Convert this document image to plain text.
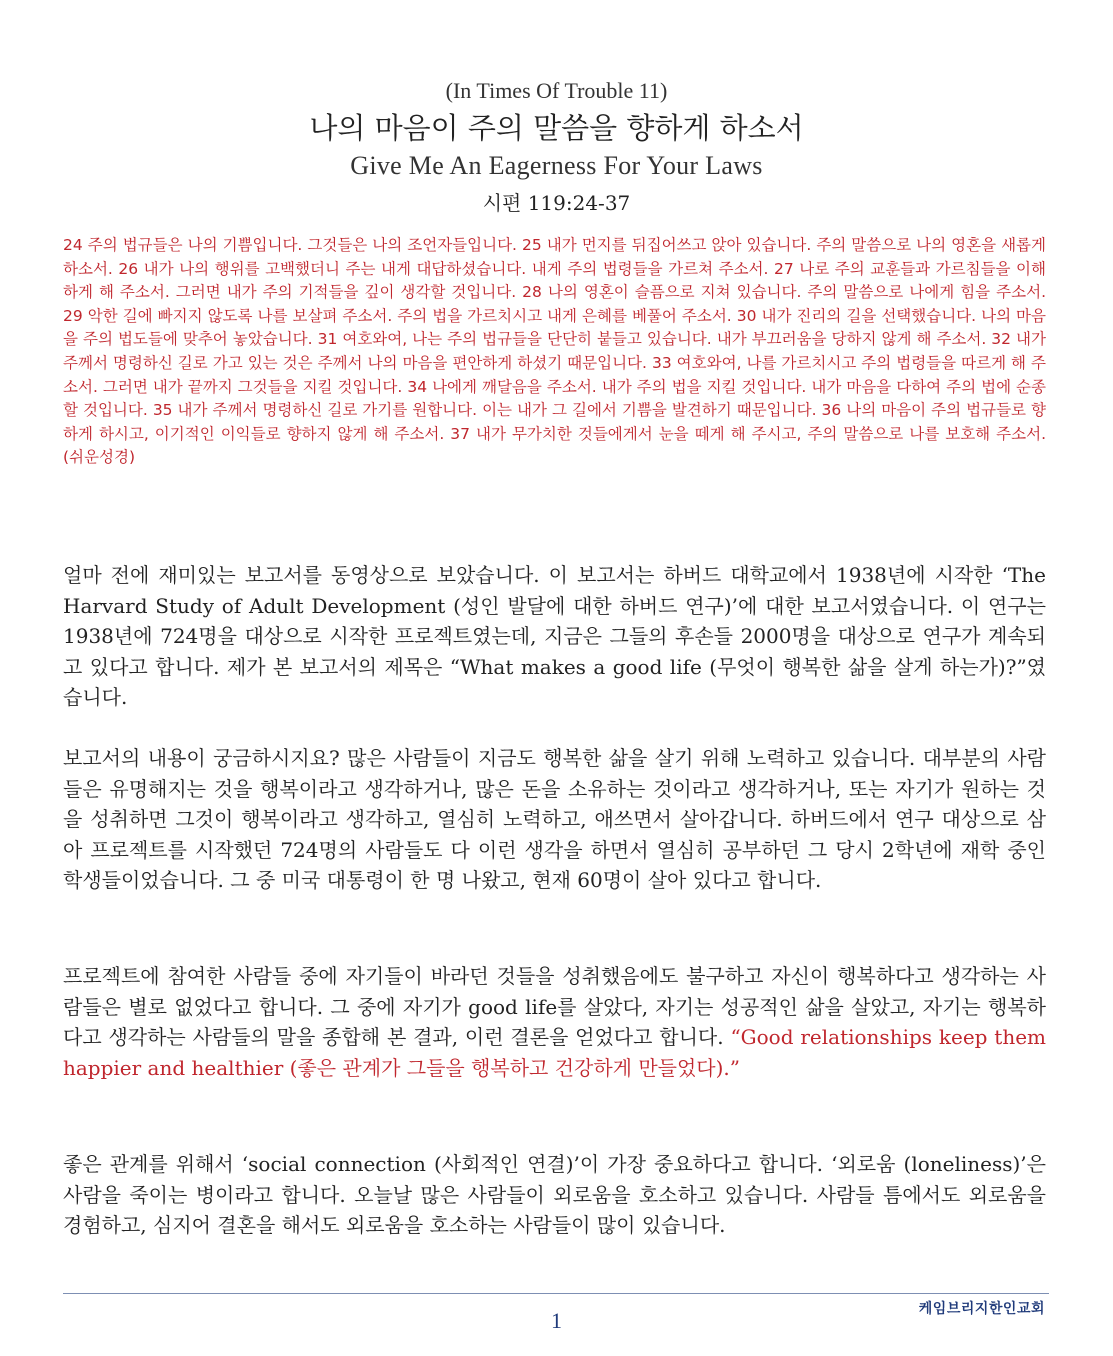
(In Times Of Trouble 11)
나의 마음이 주의 말씀을 향하게 하소서
Give Me An Eagerness For Your Laws
시편 119:24-37
24 주의 법규들은 나의 기쁨입니다. 그것들은 나의 조언자들입니다. 25 내가 먼지를 뒤집어쓰고 앉아 있습니다. 주의 말씀으로 나의 영혼을 새롭게 하소서. 26 내가 나의 행위를 고백했더니 주는 내게 대답하셨습니다. 내게 주의 법령들을 가르쳐 주소서. 27 나로 주의 교훈들과 가르침들을 이해하게 해 주소서. 그러면 내가 주의 기적들을 깊이 생각할 것입니다. 28 나의 영혼이 슬픔으로 지쳐 있습니다. 주의 말씀으로 나에게 힘을 주소서. 29 악한 길에 빠지지 않도록 나를 보살펴 주소서. 주의 법을 가르치시고 내게 은혜를 베풀어 주소서. 30 내가 진리의 길을 선택했습니다. 나의 마음을 주의 법도들에 맞추어 놓았습니다. 31 여호와여, 나는 주의 법규들을 단단히 붙들고 있습니다. 내가 부끄러움을 당하지 않게 해 주소서. 32 내가 주께서 명령하신 길로 가고 있는 것은 주께서 나의 마음을 편안하게 하셨기 때문입니다. 33 여호와여, 나를 가르치시고 주의 법령들을 따르게 해 주소서. 그러면 내가 끝까지 그것들을 지킬 것입니다. 34 나에게 깨달음을 주소서. 내가 주의 법을 지킬 것입니다. 내가 마음을 다하여 주의 법에 순종할 것입니다. 35 내가 주께서 명령하신 길로 가기를 원합니다. 이는 내가 그 길에서 기쁨을 발견하기 때문입니다. 36 나의 마음이 주의 법규들로 향하게 하시고, 이기적인 이익들로 향하지 않게 해 주소서. 37 내가 무가치한 것들에게서 눈을 떼게 해 주시고, 주의 말씀으로 나를 보호해 주소서. (쉬운성경)
얼마 전에 재미있는 보고서를 동영상으로 보았습니다. 이 보고서는 하버드 대학교에서 1938년에 시작한 ‘The Harvard Study of Adult Development (성인 발달에 대한 하버드 연구)’에 대한 보고서였습니다. 이 연구는 1938년에 724명을 대상으로 시작한 프로젝트였는데, 지금은 그들의 후손들 2000명을 대상으로 연구가 계속되고 있다고 합니다. 제가 본 보고서의 제목은 “What makes a good life (무엇이 행복한 삶을 살게 하는가)?”였습니다.
보고서의 내용이 궁금하시지요? 많은 사람들이 지금도 행복한 삶을 살기 위해 노력하고 있습니다. 대부분의 사람들은 유명해지는 것을 행복이라고 생각하거나, 많은 돈을 소유하는 것이라고 생각하거나, 또는 자기가 원하는 것을 성취하면 그것이 행복이라고 생각하고, 열심히 노력하고, 애쓰면서 살아갑니다. 하버드에서 연구 대상으로 삼아 프로젝트를 시작했던 724명의 사람들도 다 이런 생각을 하면서 열심히 공부하던 그 당시 2학년에 재학 중인 학생들이었습니다. 그 중 미국 대통령이 한 명 나왔고, 현재 60명이 살아 있다고 합니다.
프로젝트에 참여한 사람들 중에 자기들이 바라던 것들을 성취했음에도 불구하고 자신이 행복하다고 생각하는 사람들은 별로 없었다고 합니다. 그 중에 자기가 good life를 살았다, 자기는 성공적인 삶을 살았고, 자기는 행복하다고 생각하는 사람들의 말을 종합해 본 결과, 이런 결론을 얻었다고 합니다. “Good relationships keep them happier and healthier (좋은 관계가 그들을 행복하고 건강하게 만들었다).”
좋은 관계를 위해서 ‘social connection (사회적인 연결)’이 가장 중요하다고 합니다. ‘외로움 (loneliness)’은 사람을 죽이는 병이라고 합니다. 오늘날 많은 사람들이 외로움을 호소하고 있습니다. 사람들 틈에서도 외로움을 경험하고, 심지어 결혼을 해서도 외로움을 호소하는 사람들이 많이 있습니다.
1	케임브리지한인교회
